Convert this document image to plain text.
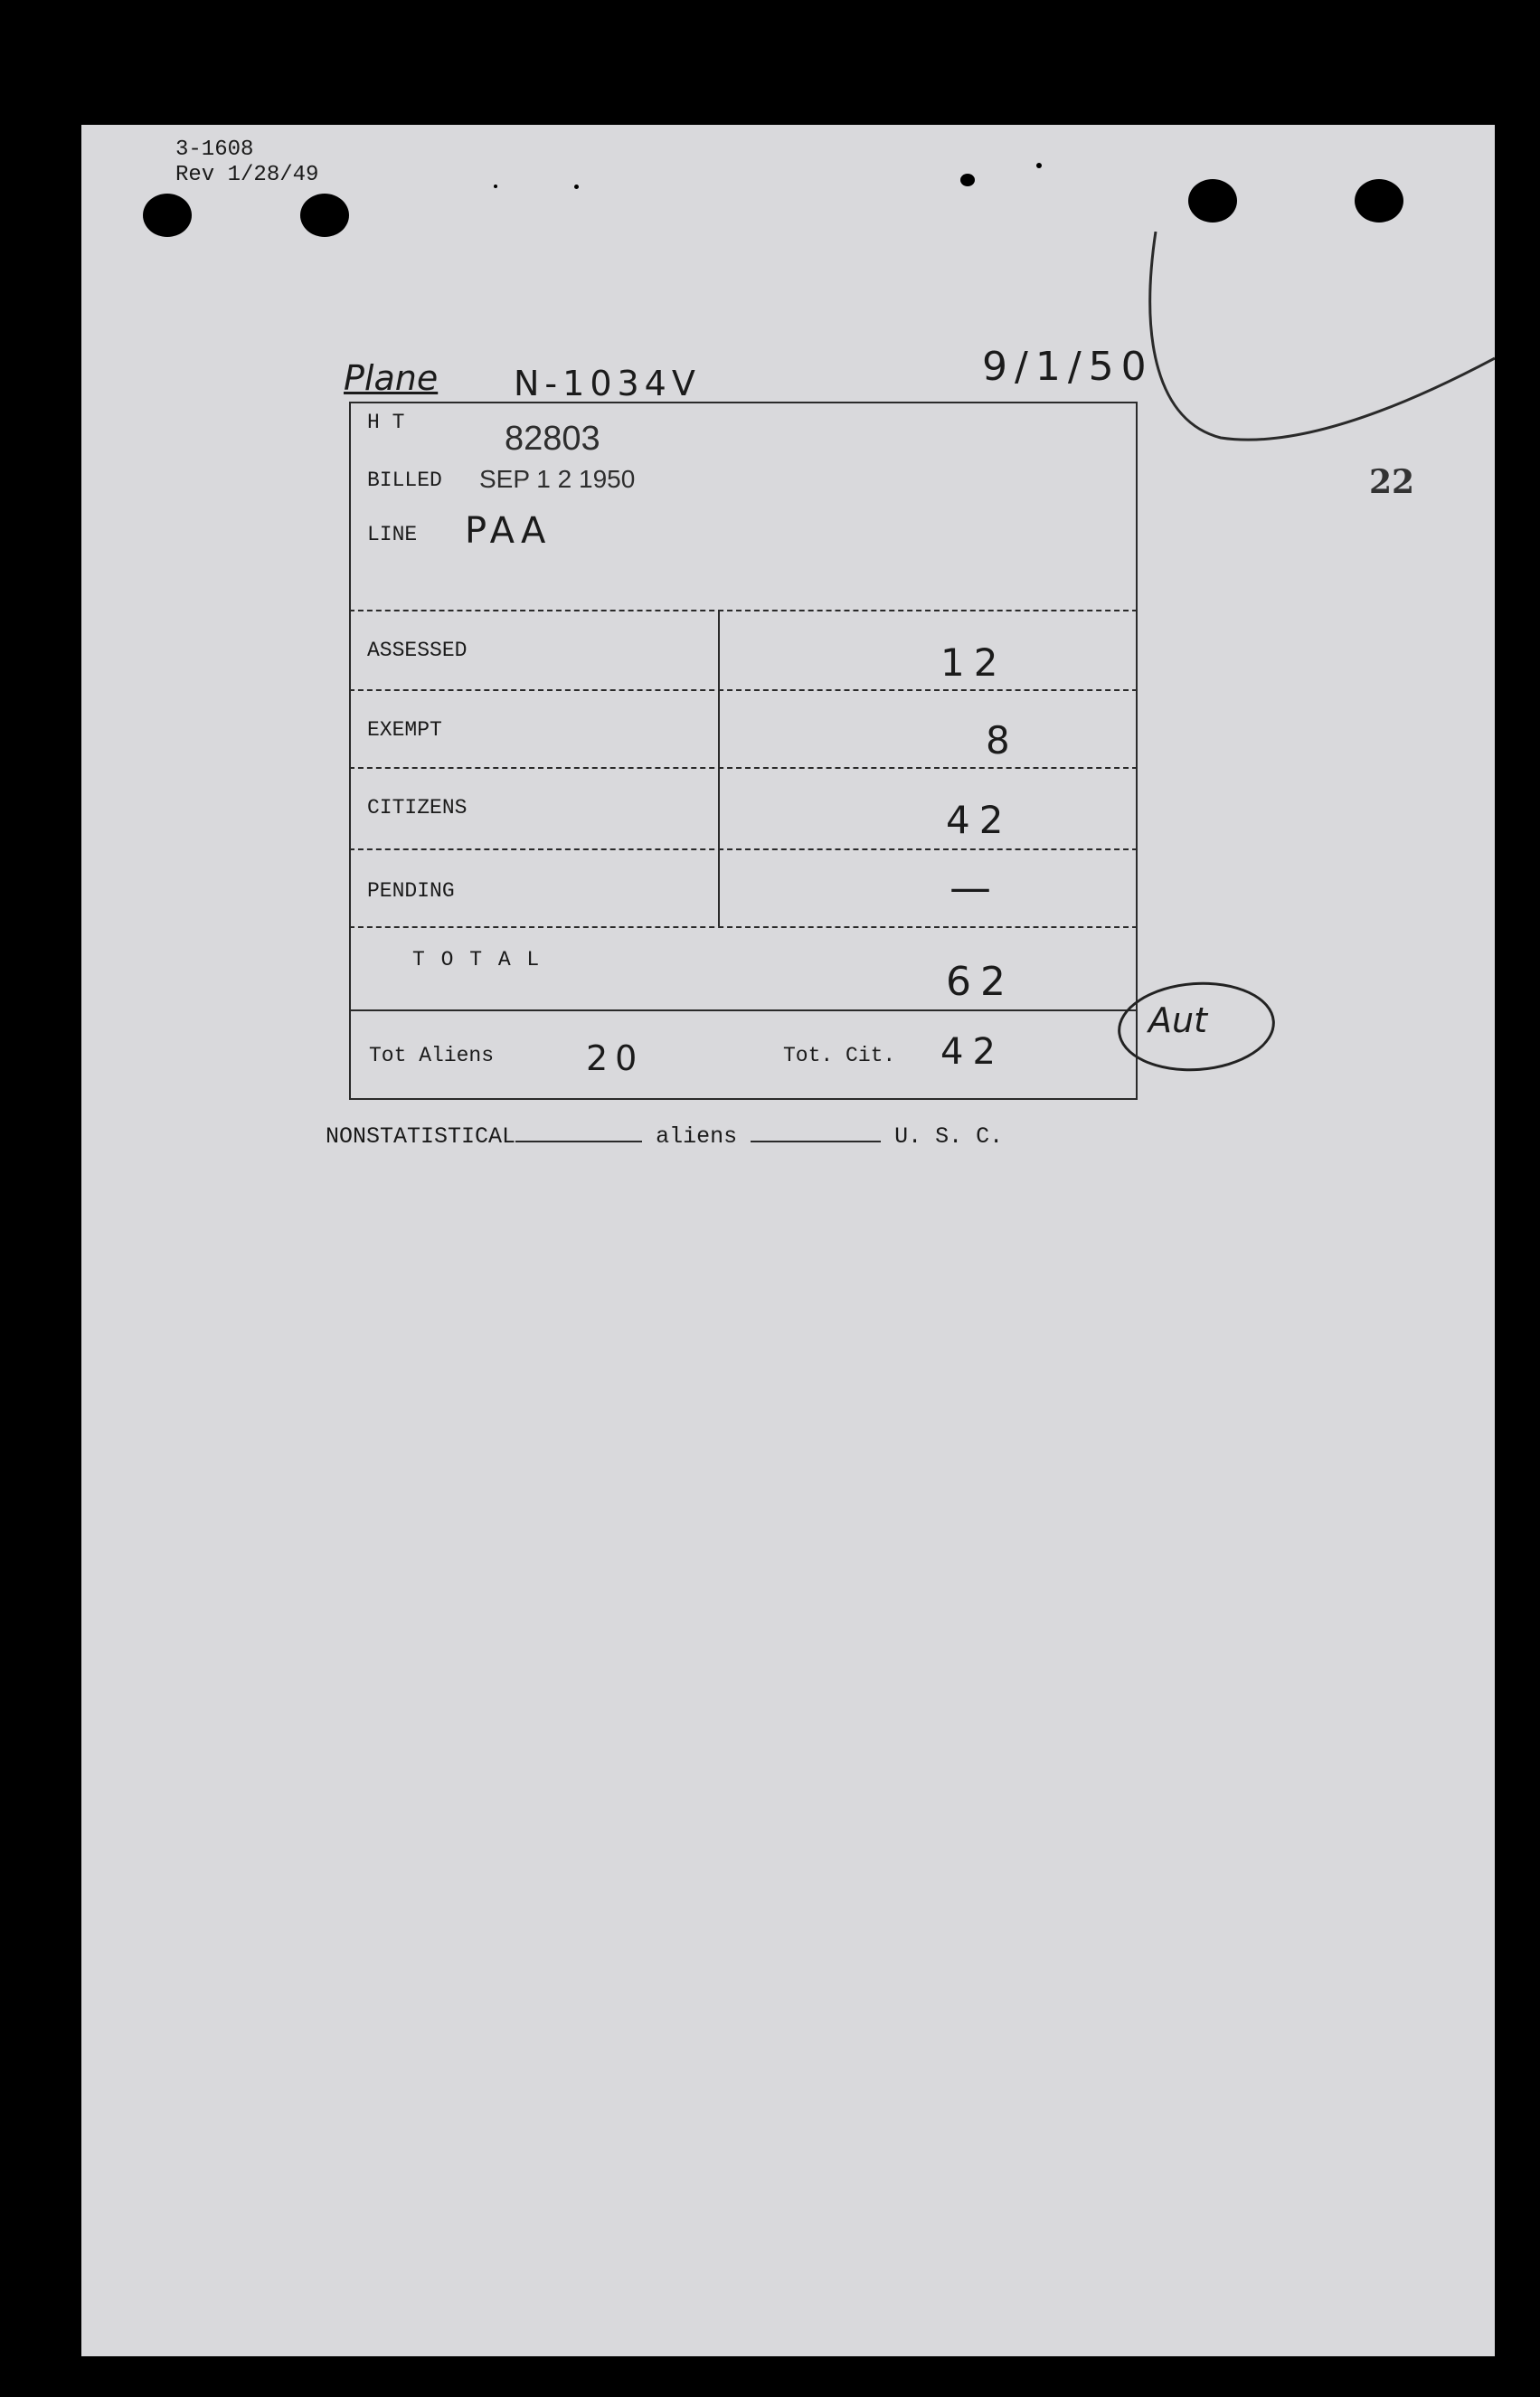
3-1608
Rev 1/28/49
22
Plane N-1034V	9/1/50
H T	82803
BILLED SEP 1 2 1950
LINE PAA
ASSESSED	12
EXEMPT	8
CITIZENS	42
PENDING	—
T O T A L	62
Tot Aliens	20	Tot. Cit. 42
Aut
NONSTATISTICAL	aliens	U. S. C.
